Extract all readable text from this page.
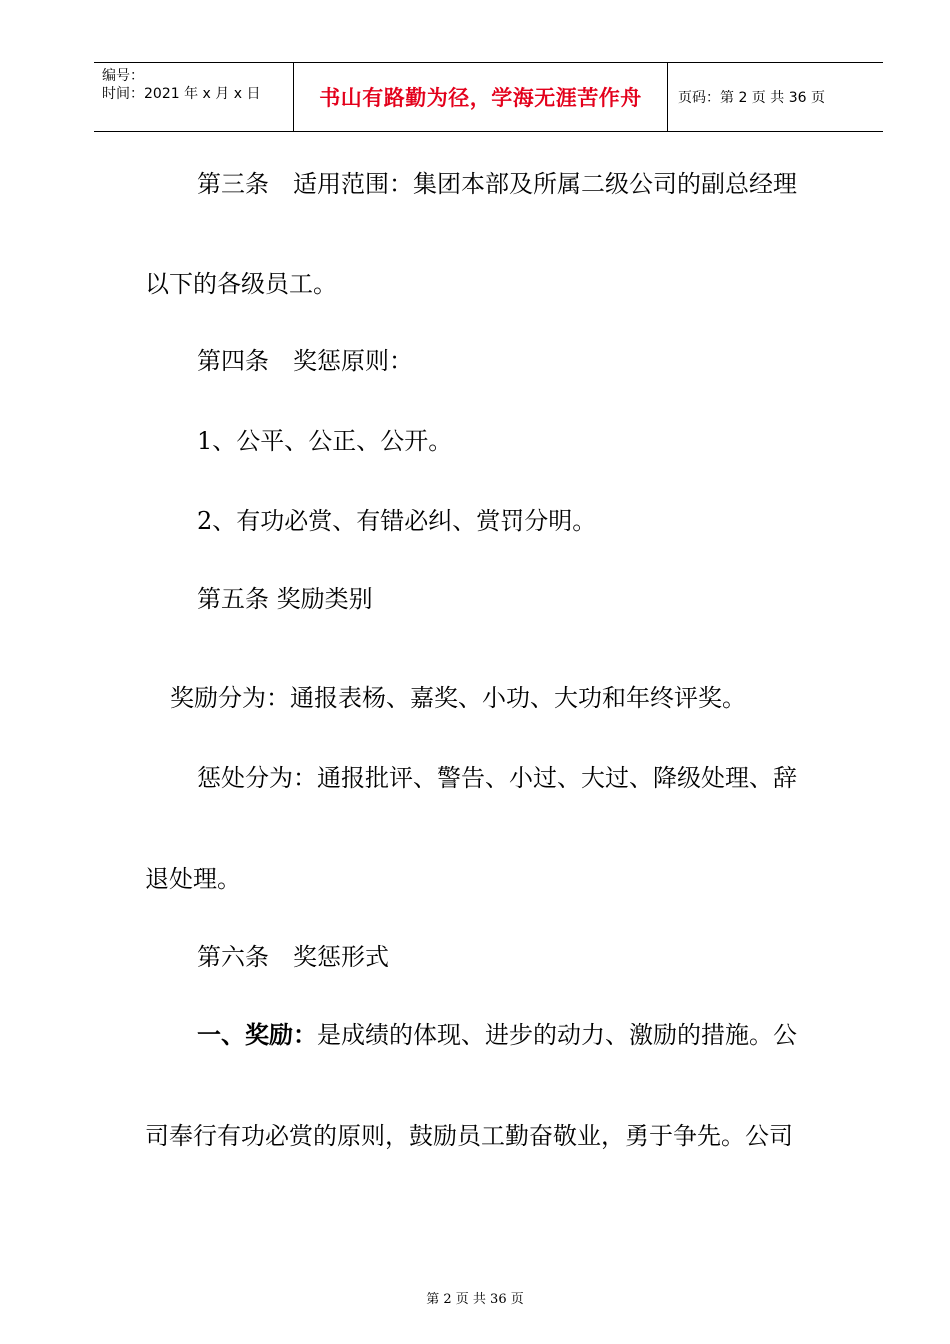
编号：
时间：2021 年 x 月 x 日	书山有路勤为径，学海无涯苦作舟	页码：第 2 页 共 36 页
第三条　适用范围：集团本部及所属二级公司的副总经理
以下的各级员工。
第四条　奖惩原则：
1、公平、公正、公开。
2、有功必赏、有错必纠、赏罚分明。
第五条 奖励类别
奖励分为：通报表杨、嘉奖、小功、大功和年终评奖。
惩处分为：通报批评、警告、小过、大过、降级处理、辞
退处理。
第六条　奖惩形式
一、奖励：是成绩的体现、进步的动力、激励的措施。公
司奉行有功必赏的原则，鼓励员工勤奋敬业，勇于争先。公司
第 2 页 共 36 页
